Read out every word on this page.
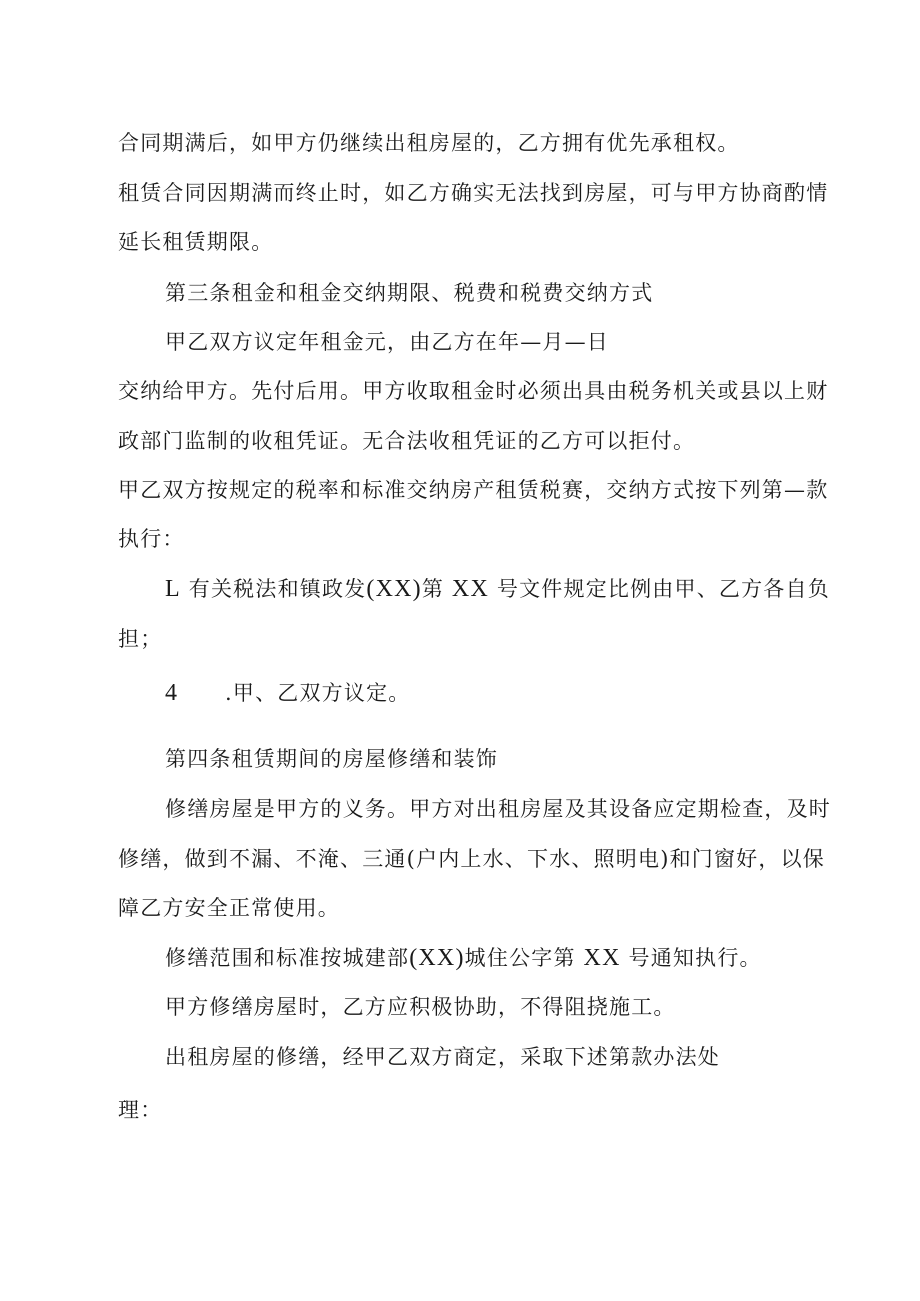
合同期满后，如甲方仍继续出租房屋的，乙方拥有优先承租权。
租赁合同因期满而终止时，如乙方确实无法找到房屋，可与甲方协商酌情
延长租赁期限。
第三条租金和租金交纳期限、税费和税费交纳方式
甲乙双方议定年租金元，由乙方在年—月—日
交纳给甲方。先付后用。甲方收取租金时必须出具由税务机关或县以上财
政部门监制的收租凭证。无合法收租凭证的乙方可以拒付。
甲乙双方按规定的税率和标准交纳房产租赁税赛，交纳方式按下列第—款
执行：
L 有关税法和镇政发(XX)第 XX 号文件规定比例由甲、乙方各自负
担；
4 .甲、乙双方议定。
第四条租赁期间的房屋修缮和装饰
修缮房屋是甲方的义务。甲方对出租房屋及其设备应定期检查，及时
修缮，做到不漏、不淹、三通(户内上水、下水、照明电)和门窗好，以保
障乙方安全正常使用。
修缮范围和标准按城建部(XX)城住公字第 XX 号通知执行。
甲方修缮房屋时，乙方应积极协助，不得阻挠施工。
出租房屋的修缮，经甲乙双方商定，采取下述第款办法处
理：
